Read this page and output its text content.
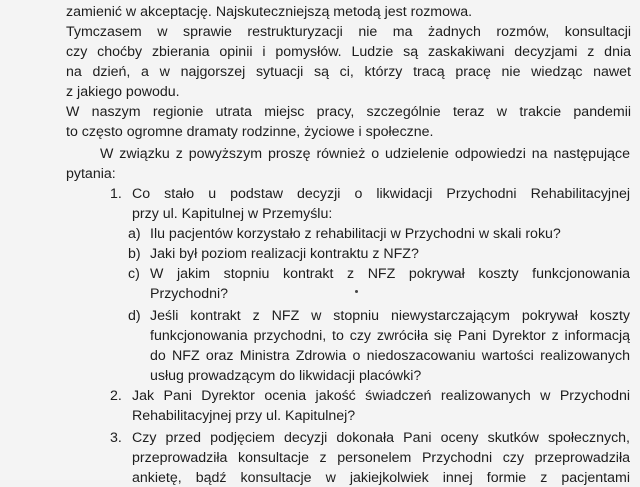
zamienić w akceptację. Najskuteczniejszą metodą jest rozmowa.
Tymczasem w sprawie restrukturyzacji nie ma żadnych rozmów, konsultacji
czy choćby zbierania opinii i pomysłów. Ludzie są zaskakiwani decyzjami z dnia
na dzień, a w najgorszej sytuacji są ci, którzy tracą pracę nie wiedząc nawet
z jakiego powodu.
W naszym regionie utrata miejsc pracy, szczególnie teraz w trakcie pandemii
to często ogromne dramaty rodzinne, życiowe i społeczne.
W związku z powyższym proszę również o udzielenie odpowiedzi na następujące
pytania:
1. Co stało u podstaw decyzji o likwidacji Przychodni Rehabilitacyjnej
przy ul. Kapitulnej w Przemyślu:
a) Ilu pacjentów korzystało z rehabilitacji w Przychodni w skali roku?
b) Jaki był poziom realizacji kontraktu z NFZ?
c) W jakim stopniu kontrakt z NFZ pokrywał koszty funkcjonowania
Przychodni?
d) Jeśli kontrakt z NFZ w stopniu niewystarczającym pokrywał koszty
funkcjonowania przychodni, to czy zwróciła się Pani Dyrektor z informacją
do NFZ oraz Ministra Zdrowia o niedoszacowaniu wartości realizowanych
usług prowadzącym do likwidacji placówki?
2. Jak Pani Dyrektor ocenia jakość świadczeń realizowanych w Przychodni
Rehabilitacyjnej przy ul. Kapitulnej?
3. Czy przed podjęciem decyzji dokonała Pani oceny skutków społecznych,
przeprowadziła konsultacje z personelem Przychodni czy przeprowadziła
ankietę, bądź konsultacje w jakiejkolwiek innej formie z pacjentami
